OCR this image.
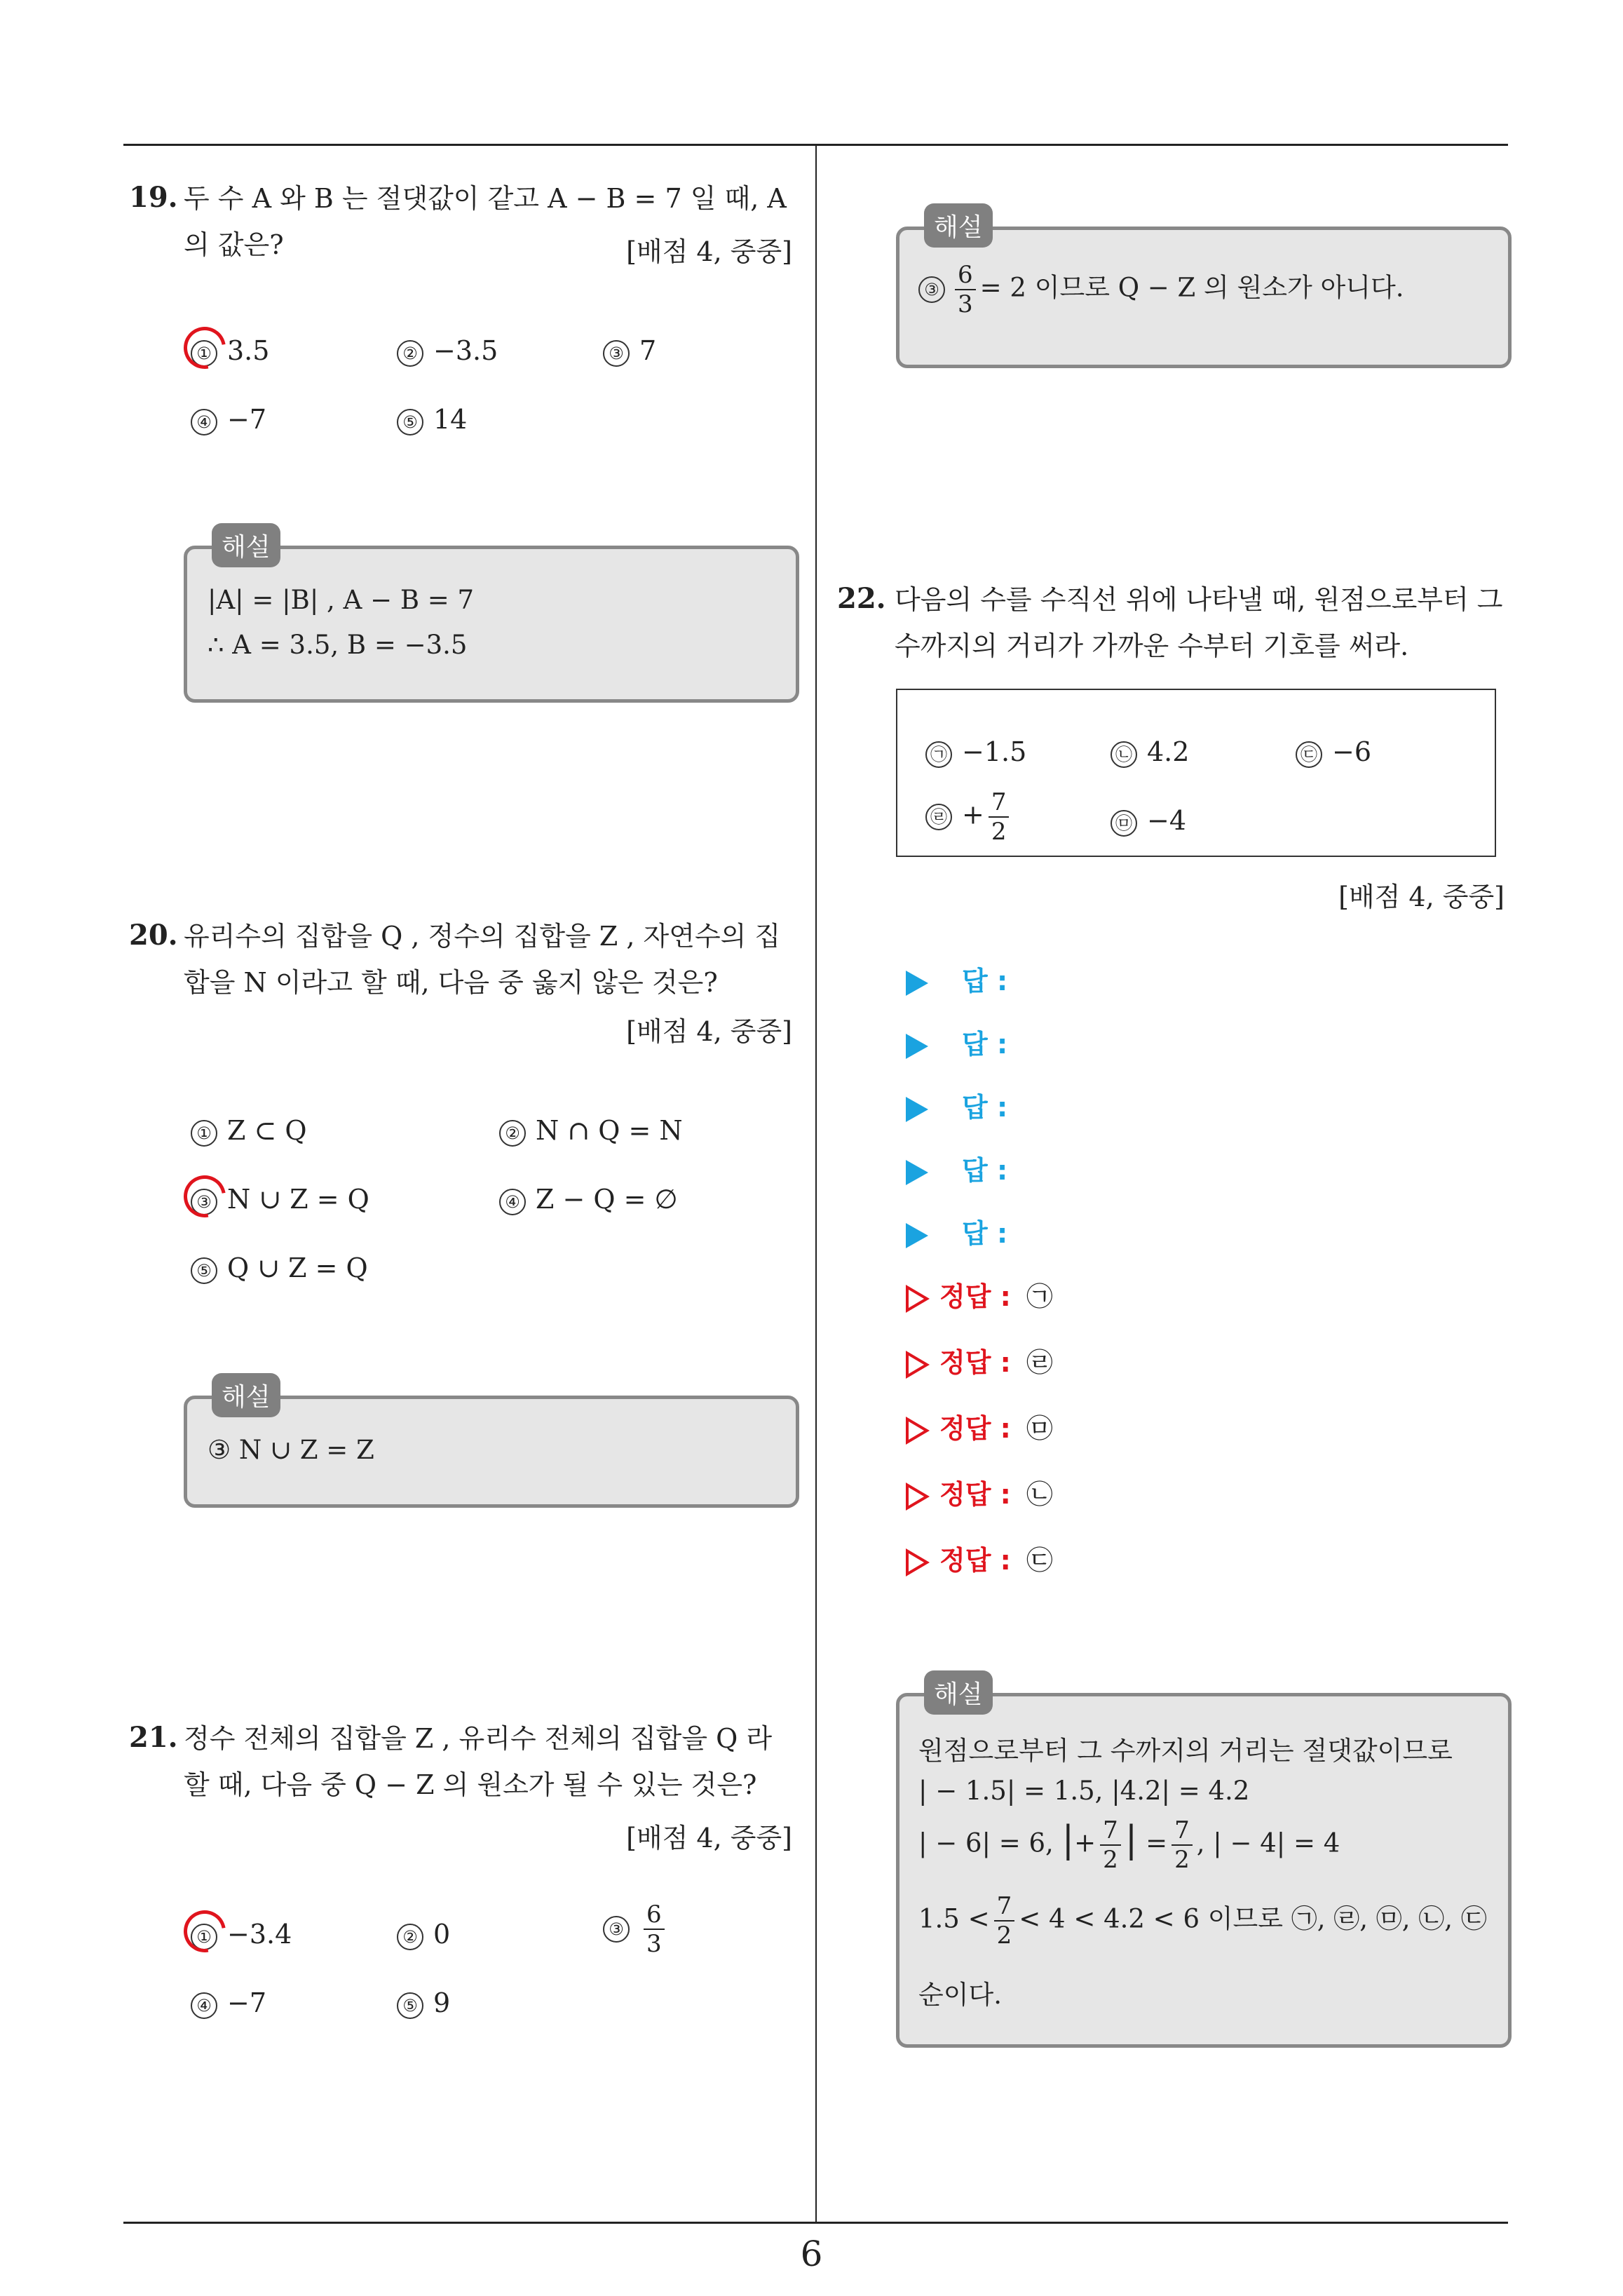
6
19. 두 수 A 와 B 는 절댓값이 같고 A − B = 7 일 때, A
의 값은?	[배점 4, 중중]
① 3.5	② −3.5	③ 7
④ −7	⑤ 14
해설
|A| = |B| , A − B = 7
∴ A = 3.5, B = −3.5
20. 유리수의 집합을 Q , 정수의 집합을 Z , 자연수의 집
합을 N 이라고 할 때, 다음 중 옳지 않은 것은?
[배점 4, 중중]
① Z ⊂ Q	② N ∩ Q = N
③ N ∪ Z = Q	④ Z − Q = ∅
⑤ Q ∪ Z = Q
해설
③ N ∪ Z = Z
21. 정수 전체의 집합을 Z , 유리수 전체의 집합을 Q 라
할 때, 다음 중 Q − Z 의 원소가 될 수 있는 것은?
[배점 4, 중중]
① −3.4	② 0	③ $\frac{6}{3}$
④ −7	⑤ 9
해설
③ $\frac{6}{3} = 2$ 이므로 Q − Z 의 원소가 아니다.
22. 다음의 수를 수직선 위에 나타낼 때, 원점으로부터 그
수까지의 거리가 가까운 수부터 기호를 써라.
㉠ −1.5	㉡ 4.2	㉢ −6
㉣ + $\frac{7}{2}$	㉤ −4
[배점 4, 중중]
답 :
답 :
답 :
답 :
답 :
정답 : ㉠
정답 : ㉣
정답 : ㉤
정답 : ㉡
정답 : ㉢
해설
원점으로부터 그 수까지의 거리는 절댓값이므로
| − 1.5| = 1.5, |4.2| = 4.2
| − 6| = 6, |+ $\frac{7}{2}$ | = $\frac{7}{2}$ , | − 4| = 4
$1.5 < \frac{7}{2} < 4 < 4.2 < 6$ 이므로 ㉠, ㉣, ㉤, ㉡, ㉢
순이다.
